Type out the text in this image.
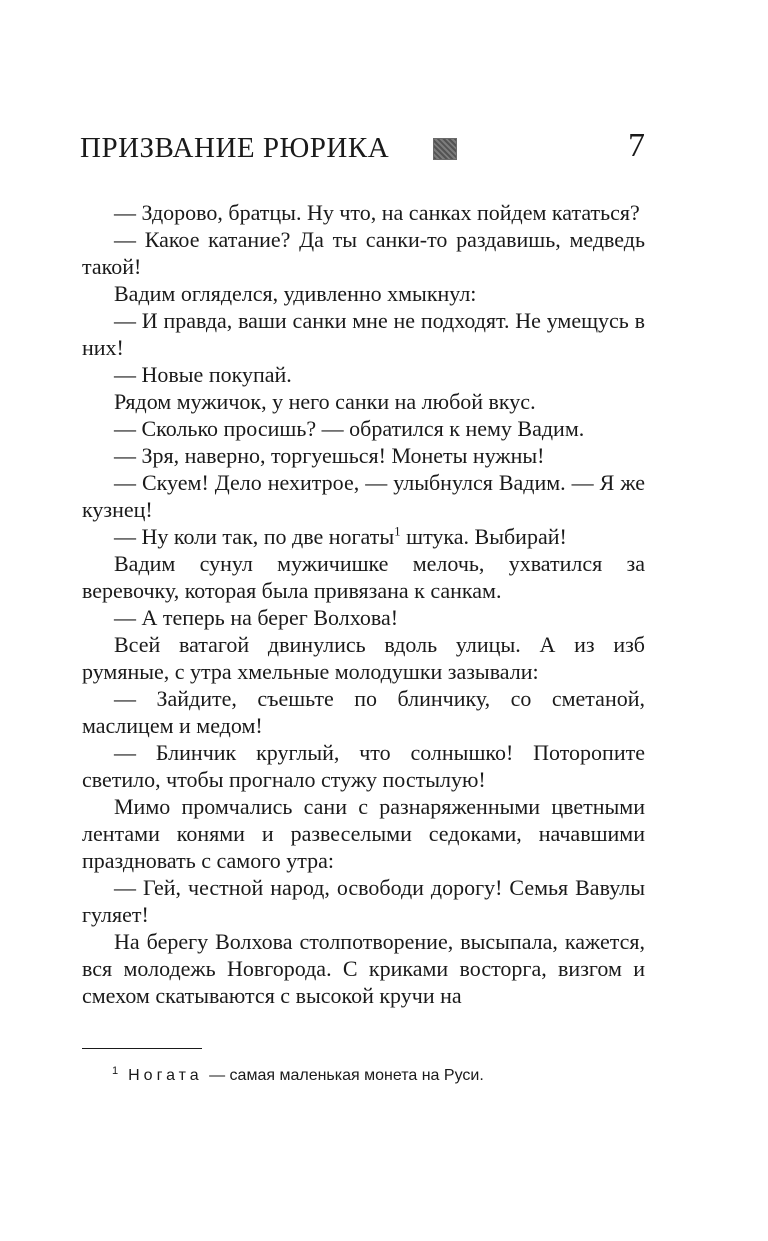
ПРИЗВАНИЕ РЮРИКА	7

— Здорово, братцы. Ну что, на санках пойдем кататься?

— Какое катание? Да ты санки-то раздавишь, медведь такой!

Вадим огляделся, удивленно хмыкнул:

— И правда, ваши санки мне не подходят. Не умещусь в них!

— Новые покупай.

Рядом мужичок, у него санки на любой вкус.

— Сколько просишь? — обратился к нему Вадим.

— Зря, наверно, торгуешься! Монеты нужны!

— Скуем! Дело нехитрое, — улыбнулся Вадим. — Я же кузнец!

— Ну коли так, по две ногаты$^1$ штука. Выбирай!

Вадим сунул мужичишке мелочь, ухватился за веревочку, которая была привязана к санкам.

— А теперь на берег Волхова!

Всей ватагой двинулись вдоль улицы. А из изб румяные, с утра хмельные молодушки зазывали:

— Зайдите, съешьте по блинчику, со сметаной, маслицем и медом!

— Блинчик круглый, что солнышко! Поторопите светило, чтобы прогнало стужу постылую!

Мимо промчались сани с разнаряженными цветными лентами конями и развеселыми седоками, начавшими праздновать с самого утра:

— Гей, честной народ, освободи дорогу! Семья Вавулы гуляет!

На берегу Волхова столпотворение, высыпала, кажется, вся молодежь Новгорода. С криками восторга, визгом и смехом скатываются с высокой кручи на

$^1$ Ногата — самая маленькая монета на Руси.
